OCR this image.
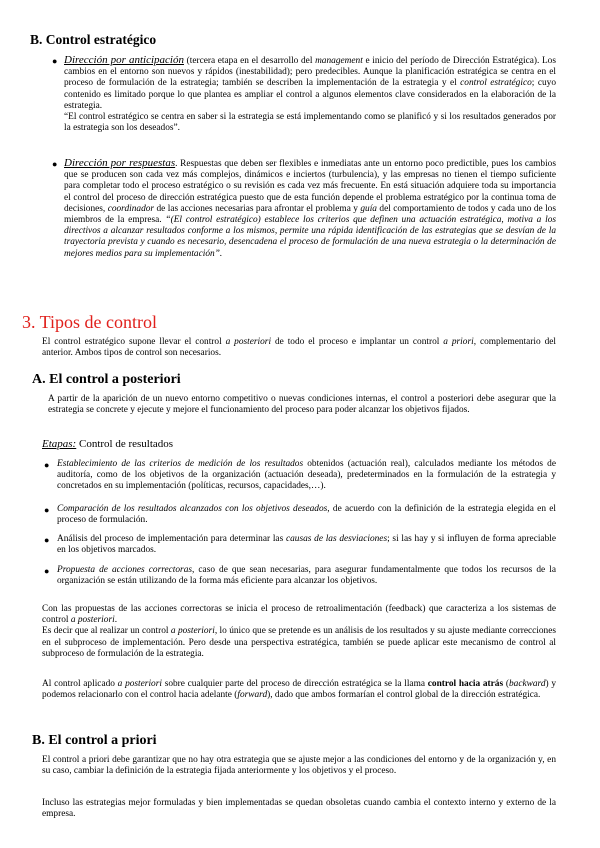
B. Control estratégico
● Dirección por anticipación (tercera etapa en el desarrollo del management e inicio del período de Dirección Estratégica). Los cambios en el entorno son nuevos y rápidos (inestabilidad); pero predecibles. Aunque la planificación estratégica se centra en el proceso de formulación de la estrategia; también se describen la implementación de la estrategia y el control estratégico; cuyo contenido es limitado porque lo que plantea es ampliar el control a algunos elementos clave considerados en la elaboración de la estrategia.
“El control estratégico se centra en saber si la estrategia se está implementando como se planificó y si los resultados generados por la estrategia son los deseados”.

● Dirección por respuestas. Respuestas que deben ser flexibles e inmediatas ante un entorno poco predictible, pues los cambios que se producen son cada vez más complejos, dinámicos e inciertos (turbulencia), y las empresas no tienen el tiempo suficiente para completar todo el proceso estratégico o su revisión es cada vez más frecuente. En está situación adquiere toda su importancia el control del proceso de dirección estratégica puesto que de esta función depende el problema estratégico por la continua toma de decisiones, coordinador de las acciones necesarias para afrontar el problema y guía del comportamiento de todos y cada uno de los miembros de la empresa. “(El control estratégico) establece los criterios que definen una actuación estratégica, motiva a los directivos a alcanzar resultados conforme a los mismos, permite una rápida identificación de las estrategias que se desvían de la trayectoria prevista y cuando es necesario, desencadena el proceso de formulación de una nueva estrategia o la determinación de mejores medios para su implementación”.

3. Tipos de control

El control estratégico supone llevar el control a posteriori de todo el proceso e implantar un control a priori, complementario del anterior. Ambos tipos de control son necesarios.

A. El control a posteriori

A partir de la aparición de un nuevo entorno competitivo o nuevas condiciones internas, el control a posteriori debe asegurar que la estrategia se concrete y ejecute y mejore el funcionamiento del proceso para poder alcanzar los objetivos fijados.

Etapas: Control de resultados

● Establecimiento de las criterios de medición de los resultados obtenidos (actuación real), calculados mediante los métodos de auditoría, como de los objetivos de la organización (actuación deseada), predeterminados en la formulación de la estrategia y concretados en su implementación (políticas, recursos, capacidades,…).

● Comparación de los resultados alcanzados con los objetivos deseados, de acuerdo con la definición de la estrategia elegida en el proceso de formulación.

● Análisis del proceso de implementación para determinar las causas de las desviaciones; si las hay y si influyen de forma apreciable en los objetivos marcados.

● Propuesta de acciones correctoras, caso de que sean necesarias, para asegurar fundamentalmente que todos los recursos de la organización se están utilizando de la forma más eficiente para alcanzar los objetivos.

Con las propuestas de las acciones correctoras se inicia el proceso de retroalimentación (feedback) que caracteriza a los sistemas de control a posteriori.
Es decir que al realizar un control a posteriori, lo único que se pretende es un análisis de los resultados y su ajuste mediante correcciones en el subproceso de implementación. Pero desde una perspectiva estratégica, también se puede aplicar este mecanismo de control al subproceso de formulación de la estrategia.

Al control aplicado a posteriori sobre cualquier parte del proceso de dirección estratégica se la llama control hacia atrás (backward) y podemos relacionarlo con el control hacia adelante (forward), dado que ambos formarían el control global de la dirección estratégica.

B. El control a priori

El control a priori debe garantizar que no hay otra estrategia que se ajuste mejor a las condiciones del entorno y de la organización y, en su caso, cambiar la definición de la estrategia fijada anteriormente y los objetivos y el proceso.

Incluso las estrategias mejor formuladas y bien implementadas se quedan obsoletas cuando cambia el contexto interno y externo de la empresa.
